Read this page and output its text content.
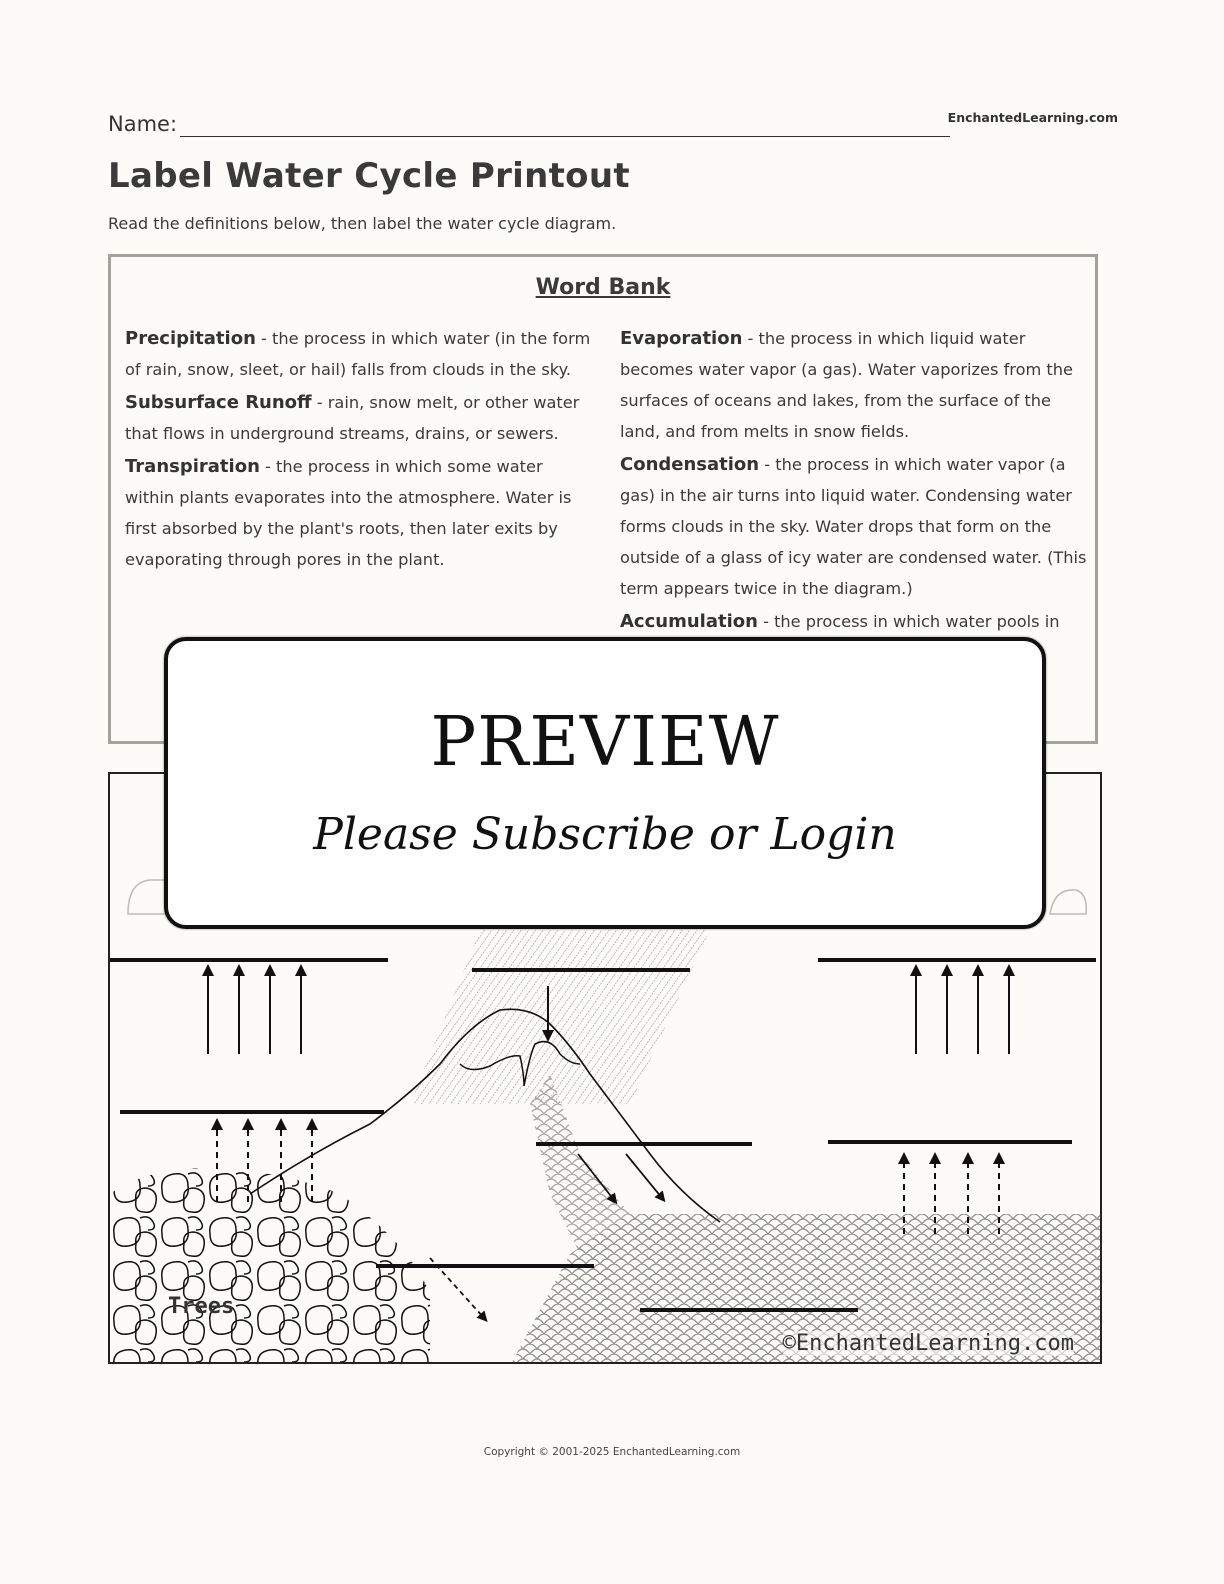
Name:	EnchantedLearning.com
Label Water Cycle Printout
Read the definitions below, then label the water cycle diagram.
Word Bank

Precipitation - the process in which water (in the form of rain, snow, sleet, or hail) falls from clouds in the sky.

Subsurface Runoff - rain, snow melt, or other water that flows in underground streams, drains, or sewers.

Transpiration - the process in which some water within plants evaporates into the atmosphere. Water is first absorbed by the plant's roots, then later exits by evaporating through pores in the plant.

Evaporation - the process in which liquid water becomes water vapor (a gas). Water vaporizes from the surfaces of oceans and lakes, from the surface of the land, and from melts in snow fields.

Condensation - the process in which water vapor (a gas) in the air turns into liquid water. Condensing water forms clouds in the sky. Water drops that form on the outside of a glass of icy water are condensed water. (This term appears twice in the diagram.)

Accumulation - the process in which water pools in

Trees
©EnchantedLearning.com
PREVIEW
Please Subscribe or Login
Copyright © 2001-2025 EnchantedLearning.com
